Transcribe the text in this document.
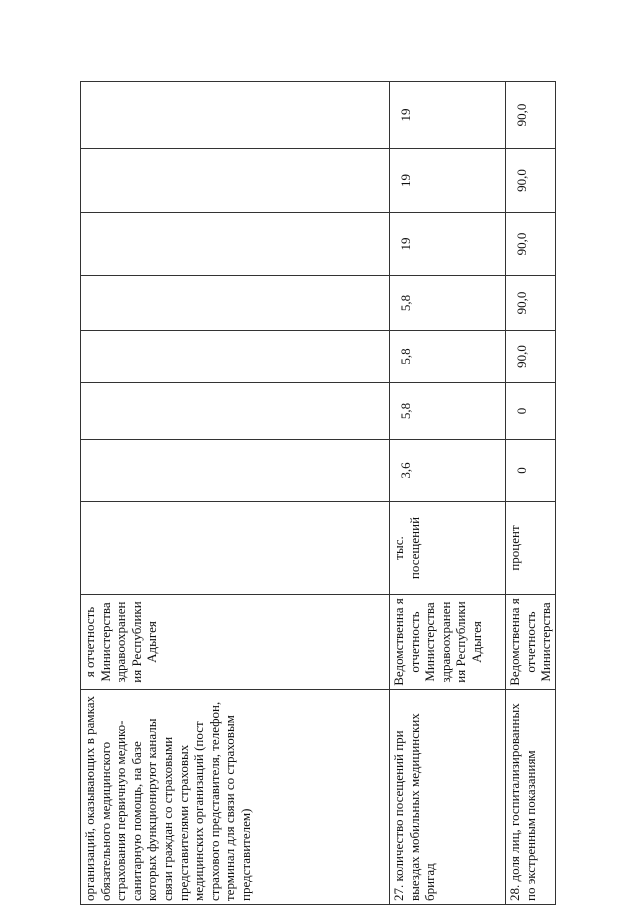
организаций, оказывающих в рамках обязательного медицинского страхования первичную медико-санитарную помощь, на базе которых функционируют каналы связи граждан со страховыми представителями страховых медицинских организаций (пост страхового представителя, телефон, терминал для связи со страховым представителем)	я отчетность Министерства здравоохранен ия Республики Адыгея								
27. количество посещений при выездах мобильных медицинских бригад	Ведомственна я отчетность Министерства здравоохранен ия Республики Адыгея	тыс. посещений	3,6	5,8	5,8	5,8	19	19	19
28. доля лиц, госпитализированных по экстренным показаниям	Ведомственна я отчетность Министерства	процент	0	0	90,0	90,0	90,0	90,0	90,0
